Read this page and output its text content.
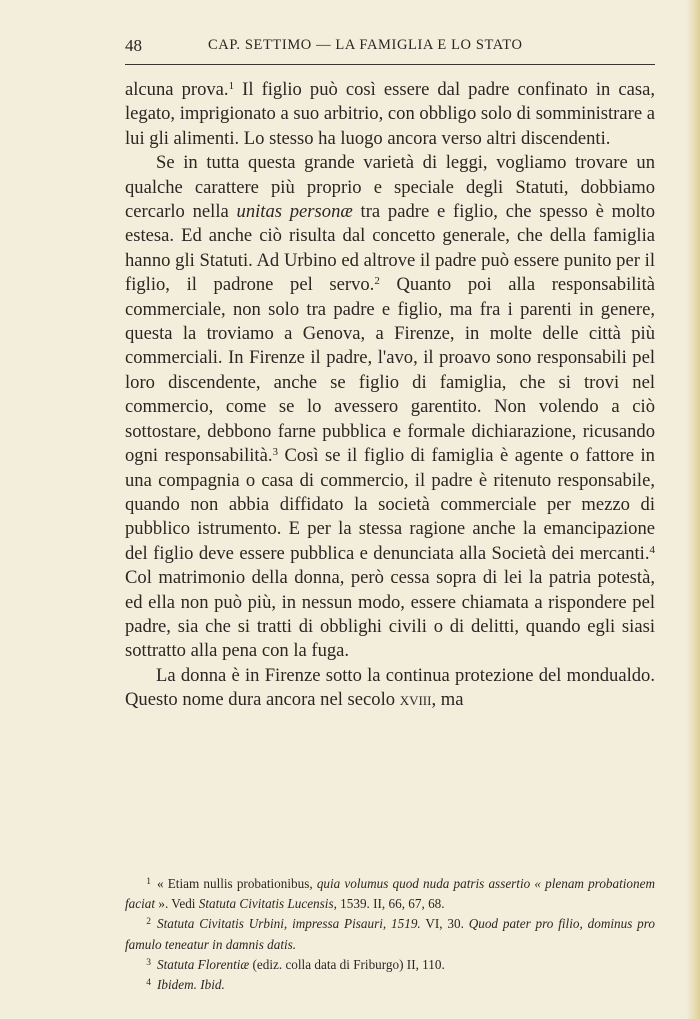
48	CAP. SETTIMO — LA FAMIGLIA E LO STATO

alcuna prova.$^1$ Il figlio può così essere dal padre confinato in casa, legato, imprigionato a suo arbitrio, con obbligo solo di somministrare a lui gli alimenti. Lo stesso ha luogo ancora verso altri discendenti.

Se in tutta questa grande varietà di leggi, vogliamo trovare un qualche carattere più proprio e speciale degli Statuti, dobbiamo cercarlo nella unitas personæ tra padre e figlio, che spesso è molto estesa. Ed anche ciò risulta dal concetto generale, che della famiglia hanno gli Statuti. Ad Urbino ed altrove il padre può essere punito per il figlio, il padrone pel servo.$^2$ Quanto poi alla responsabilità commerciale, non solo tra padre e figlio, ma fra i parenti in genere, questa la troviamo a Genova, a Firenze, in molte delle città più commerciali. In Firenze il padre, l'avo, il proavo sono responsabili pel loro discendente, anche se figlio di famiglia, che si trovi nel commercio, come se lo avessero garentito. Non volendo a ciò sottostare, debbono farne pubblica e formale dichiarazione, ricusando ogni responsabilità.$^3$ Così se il figlio di famiglia è agente o fattore in una compagnia o casa di commercio, il padre è ritenuto responsabile, quando non abbia diffidato la società commerciale per mezzo di pubblico istrumento. E per la stessa ragione anche la emancipazione del figlio deve essere pubblica e denunciata alla Società dei mercanti.$^4$ Col matrimonio della donna, però cessa sopra di lei la patria potestà, ed ella non può più, in nessun modo, essere chiamata a rispondere pel padre, sia che si tratti di obblighi civili o di delitti, quando egli siasi sottratto alla pena con la fuga.

La donna è in Firenze sotto la continua protezione del mondualdo. Questo nome dura ancora nel secolo xviii, ma

1 « Etiam nullis probationibus, quia volumus quod nuda patris assertio « plenam probationem faciat ». Vedi Statuta Civitatis Lucensis, 1539. II, 66, 67, 68.

2 Statuta Civitatis Urbini, impressa Pisauri, 1519. VI, 30. Quod pater pro filio, dominus pro famulo teneatur in damnis datis.

3 Statuta Florentiæ (ediz. colla data di Friburgo) II, 110.

4 Ibidem. Ibid.
